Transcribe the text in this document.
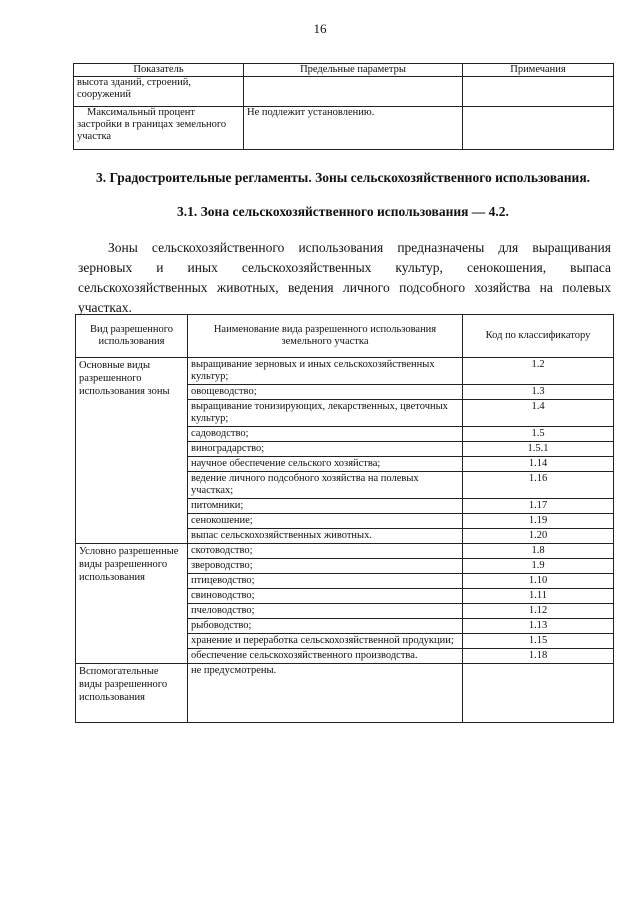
16
Показатель	Предельные параметры	Примечания
высота зданий, строений, сооружений		
Максимальный процент застройки в границах земельного участка	Не подлежит установлению.	
3. Градостроительные регламенты. Зоны сельскохозяйственного использования.
3.1. Зона сельскохозяйственного использования — 4.2.
Зоны сельскохозяйственного использования предназначены для выращивания зерновых и иных сельскохозяйственных культур, сенокошения, выпаса сельскохозяйственных животных, ведения личного подсобного хозяйства на полевых участках.
Вид разрешенного использования	Наименование вида разрешенного использования земельного участка	Код по классификатору
Основные виды разрешенного использования зоны	выращивание зерновых и иных сельскохозяйственных культур;	1.2
	овощеводство;	1.3
	выращивание тонизирующих, лекарственных, цветочных культур;	1.4
	садоводство;	1.5
	виноградарство;	1.5.1
	научное обеспечение сельского хозяйства;	1.14
	ведение личного подсобного хозяйства на полевых участках;	1.16
	питомники;	1.17
	сенокошение;	1.19
	выпас сельскохозяйственных животных.	1.20
Условно разрешенные виды разрешенного использования	скотоводство;	1.8
	звероводство;	1.9
	птицеводство;	1.10
	свиноводство;	1.11
	пчеловодство;	1.12
	рыбоводство;	1.13
	хранение и переработка сельскохозяйственной продукции;	1.15
	обеспечение сельскохозяйственного производства.	1.18
Вспомогательные виды разрешенного использования	не предусмотрены.	
